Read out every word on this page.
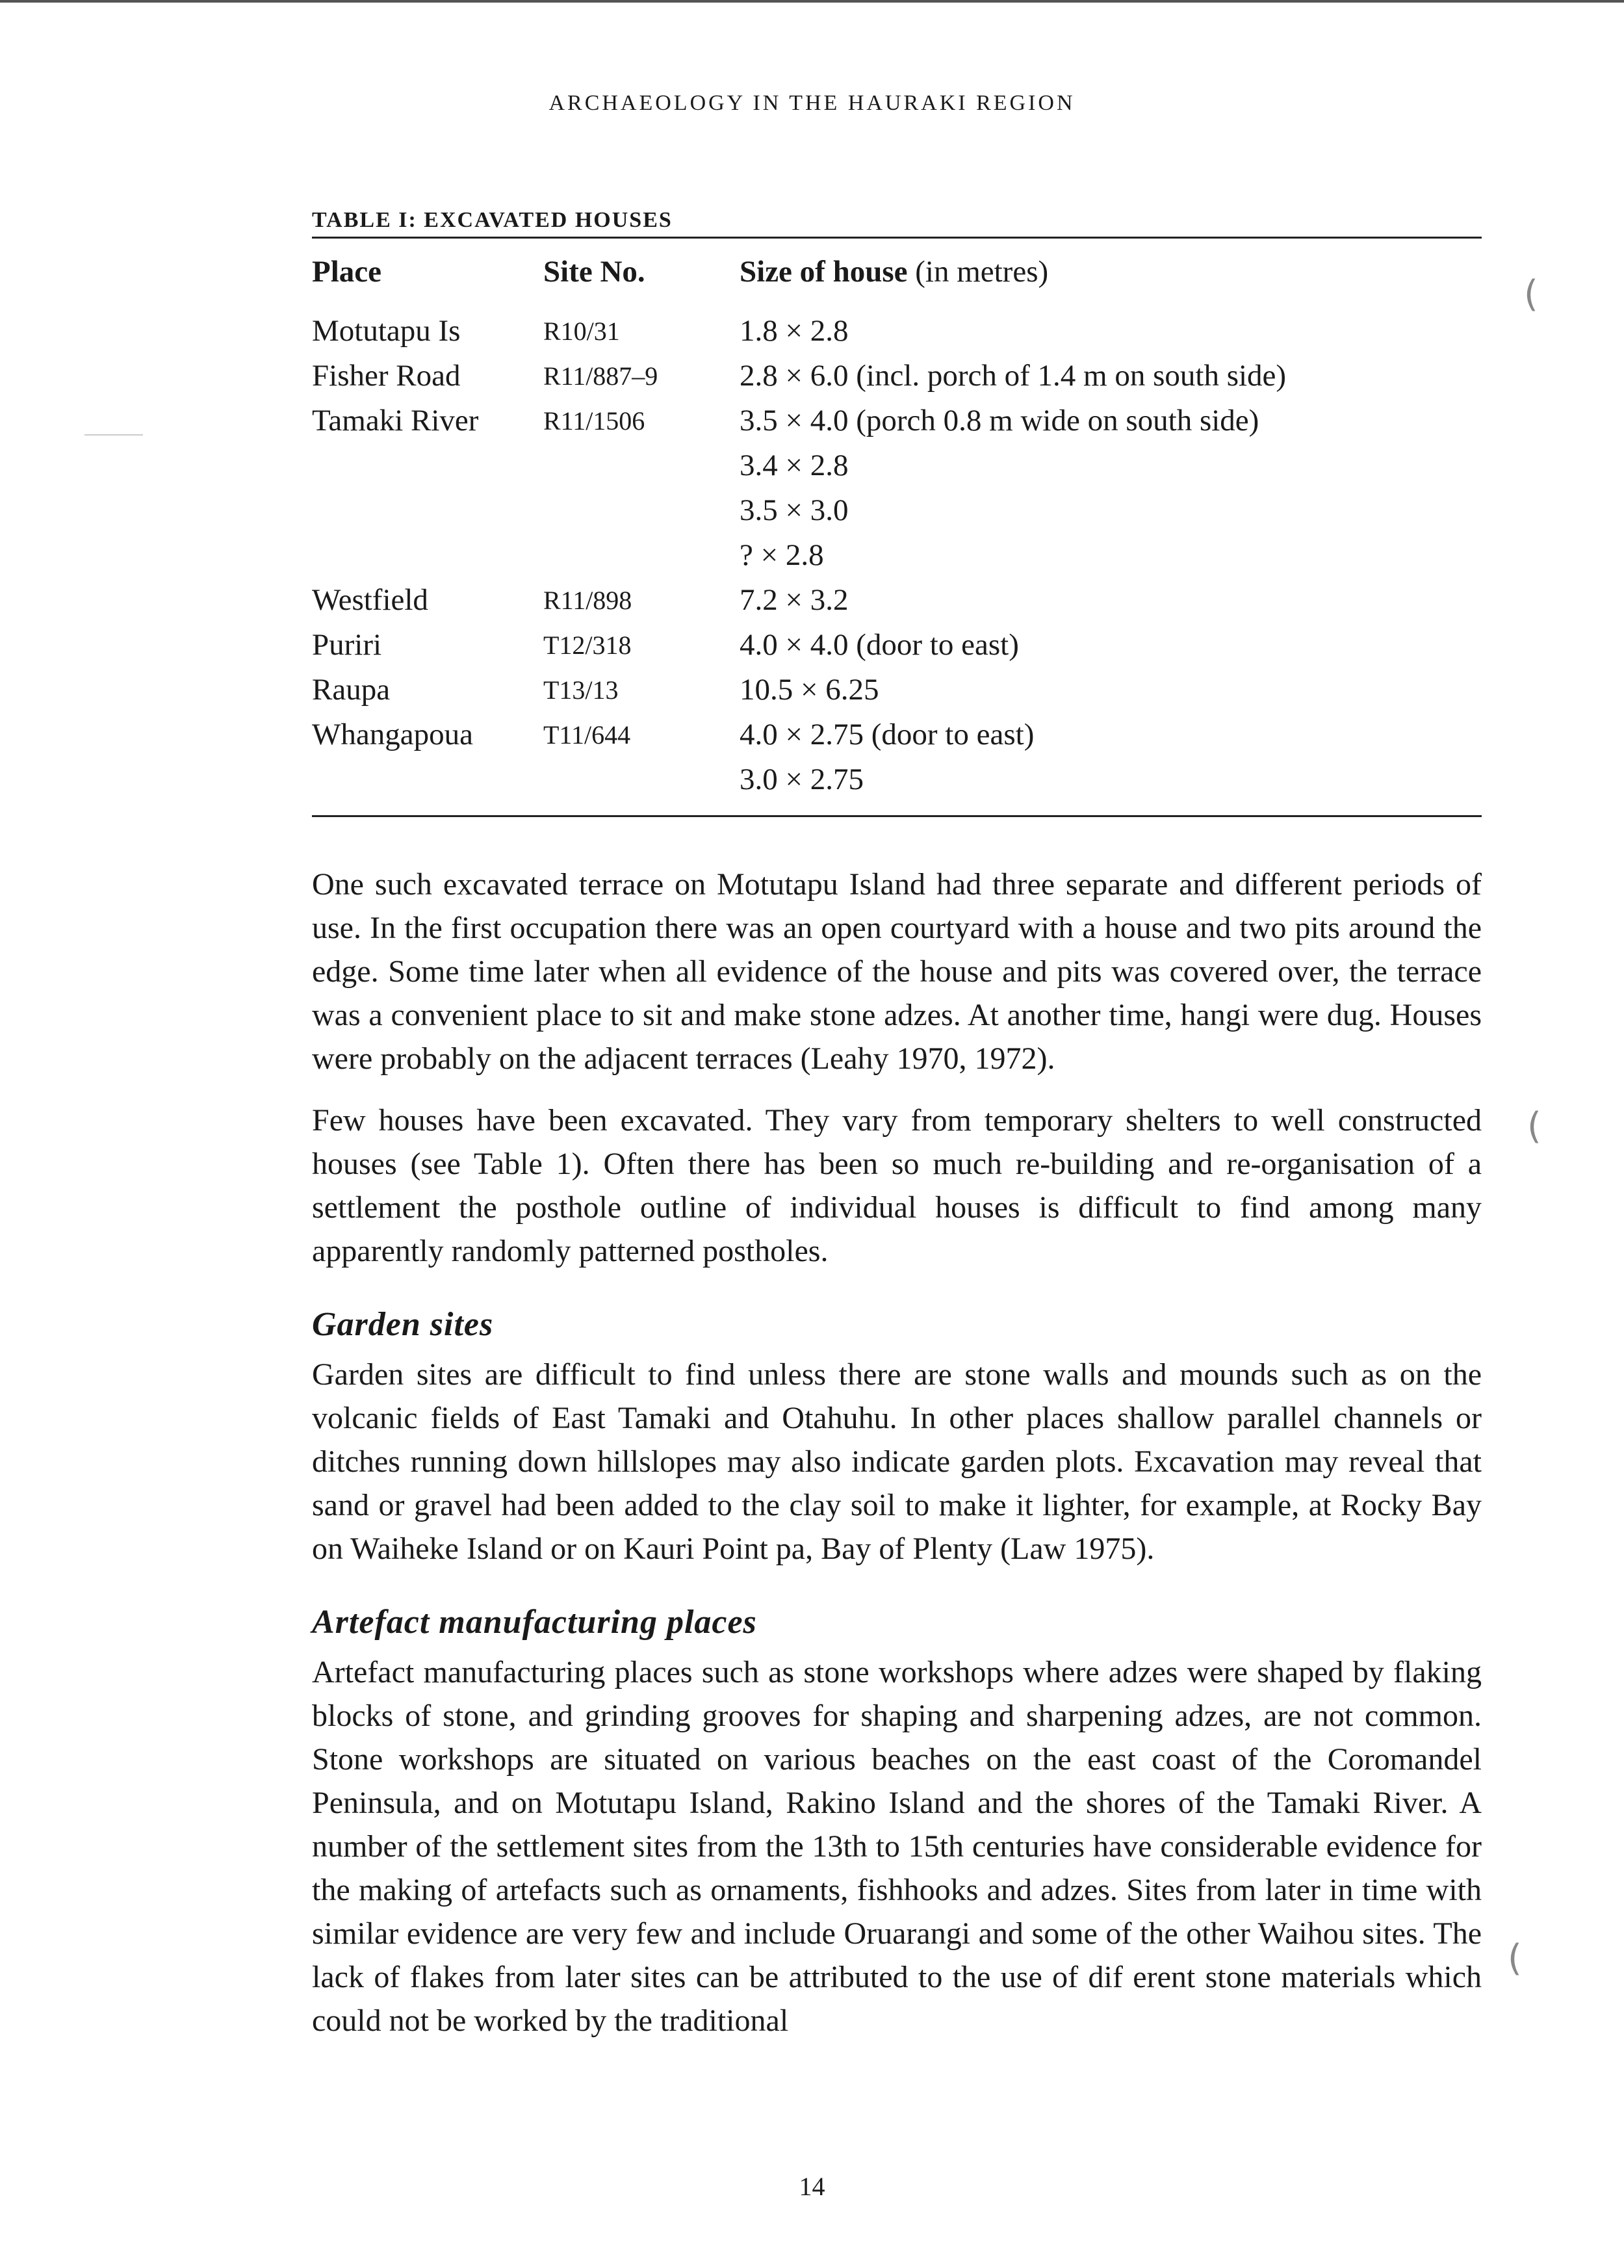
ARCHAEOLOGY IN THE HAURAKI REGION
(
(
(

TABLE I: EXCAVATED HOUSES

Place	Site No.	Size of house (in metres)
Motutapu Is	R10/31	1.8 × 2.8
Fisher Road	R11/887–9	2.8 × 6.0 (incl. porch of 1.4 m on south side)
Tamaki River	R11/1506	3.5 × 4.0 (porch 0.8 m wide on south side)
		3.4 × 2.8
		3.5 × 3.0
		? × 2.8
Westfield	R11/898	7.2 × 3.2
Puriri	T12/318	4.0 × 4.0 (door to east)
Raupa	T13/13	10.5 × 6.25
Whangapoua	T11/644	4.0 × 2.75 (door to east)
		3.0 × 2.75

One such excavated terrace on Motutapu Island had three separate and different periods of use. In the first occupation there was an open courtyard with a house and two pits around the edge. Some time later when all evidence of the house and pits was covered over, the terrace was a convenient place to sit and make stone adzes. At another time, hangi were dug. Houses were probably on the adjacent terraces (Leahy 1970, 1972).

Few houses have been excavated. They vary from temporary shelters to well constructed houses (see Table 1). Often there has been so much re-building and re-organisation of a settlement the posthole outline of individual houses is difficult to find among many apparently randomly patterned postholes.

Garden sites

Garden sites are difficult to find unless there are stone walls and mounds such as on the volcanic fields of East Tamaki and Otahuhu. In other places shallow parallel channels or ditches running down hillslopes may also indicate garden plots. Excavation may reveal that sand or gravel had been added to the clay soil to make it lighter, for example, at Rocky Bay on Waiheke Island or on Kauri Point pa, Bay of Plenty (Law 1975).

Artefact manufacturing places

Artefact manufacturing places such as stone workshops where adzes were shaped by flaking blocks of stone, and grinding grooves for shaping and sharpening adzes, are not common. Stone workshops are situated on various beaches on the east coast of the Coromandel Peninsula, and on Motutapu Island, Rakino Island and the shores of the Tamaki River. A number of the settlement sites from the 13th to 15th centuries have considerable evidence for the making of artefacts such as ornaments, fishhooks and adzes. Sites from later in time with similar evidence are very few and include Oruarangi and some of the other Waihou sites. The lack of flakes from later sites can be attributed to the use of dif erent stone materials which could not be worked by the traditional

14
